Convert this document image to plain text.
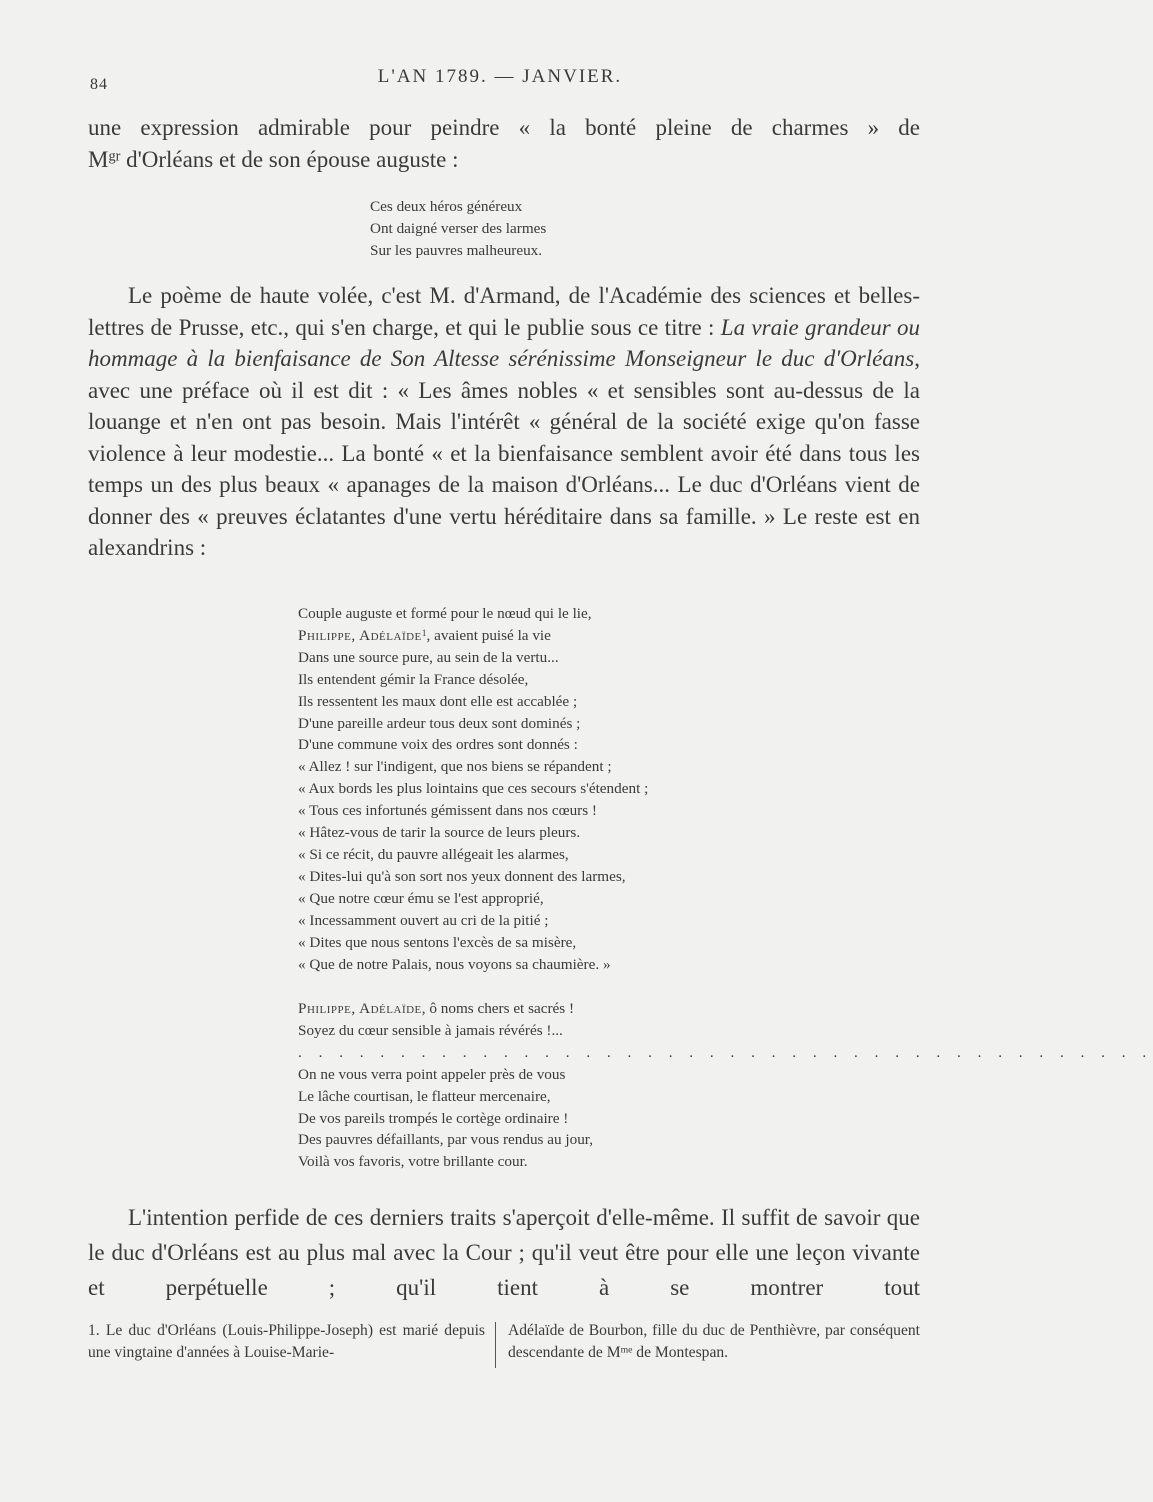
84	L'AN 1789. — JANVIER.

une expression admirable pour peindre « la bonté pleine de charmes » de

$M^{gr}$ d'Orléans et de son épouse auguste :

Ces deux héros généreux
Ont daigné verser des larmes
Sur les pauvres malheureux.

Le poème de haute volée, c'est M. d'Armand, de l'Académie des sciences et belles-lettres de Prusse, etc., qui s'en charge, et qui le publie sous ce titre : La vraie grandeur ou hommage à la bienfaisance de Son Altesse sérénissime Monseigneur le duc d'Orléans, avec une préface où il est dit : « Les âmes nobles « et sensibles sont au-dessus de la louange et n'en ont pas besoin. Mais l'intérêt « général de la société exige qu'on fasse violence à leur modestie... La bonté « et la bienfaisance semblent avoir été dans tous les temps un des plus beaux « apanages de la maison d'Orléans... Le duc d'Orléans vient de donner des « preuves éclatantes d'une vertu héréditaire dans sa famille. » Le reste est en alexandrins :

Couple auguste et formé pour le nœud qui le lie,
Philippe, Adélaïde$^1$, avaient puisé la vie
Dans une source pure, au sein de la vertu...
Ils entendent gémir la France désolée,
Ils ressentent les maux dont elle est accablée ;
D'une pareille ardeur tous deux sont dominés ;
D'une commune voix des ordres sont donnés :
« Allez ! sur l'indigent, que nos biens se répandent ;
« Aux bords les plus lointains que ces secours s'étendent ;
« Tous ces infortunés gémissent dans nos cœurs !
« Hâtez-vous de tarir la source de leurs pleurs.
« Si ce récit, du pauvre allégeait les alarmes,
« Dites-lui qu'à son sort nos yeux donnent des larmes,
« Que notre cœur ému se l'est approprié,
« Incessamment ouvert au cri de la pitié ;
« Dites que nous sentons l'excès de sa misère,
« Que de notre Palais, nous voyons sa chaumière. »
Philippe, Adélaïde, ô noms chers et sacrés !
Soyez du cœur sensible à jamais révérés !...
. . . . . . . . . . . . . . . . . . . . . . . . . . . . . . . . . . . . . . . . . .
On ne vous verra point appeler près de vous
Le lâche courtisan, le flatteur mercenaire,
De vos pareils trompés le cortège ordinaire !
Des pauvres défaillants, par vous rendus au jour,
Voilà vos favoris, votre brillante cour.

L'intention perfide de ces derniers traits s'aperçoit d'elle-même. Il suffit de savoir que le duc d'Orléans est au plus mal avec la Cour ; qu'il veut être pour elle une leçon vivante et perpétuelle ; qu'il tient à se montrer tout

1. Le duc d'Orléans (Louis-Philippe-Joseph) est marié depuis une vingtaine d'années à Louise-Marie-
Adélaïde de Bourbon, fille du duc de Penthièvre, par conséquent descendante de $M^{me}$ de Montespan.
